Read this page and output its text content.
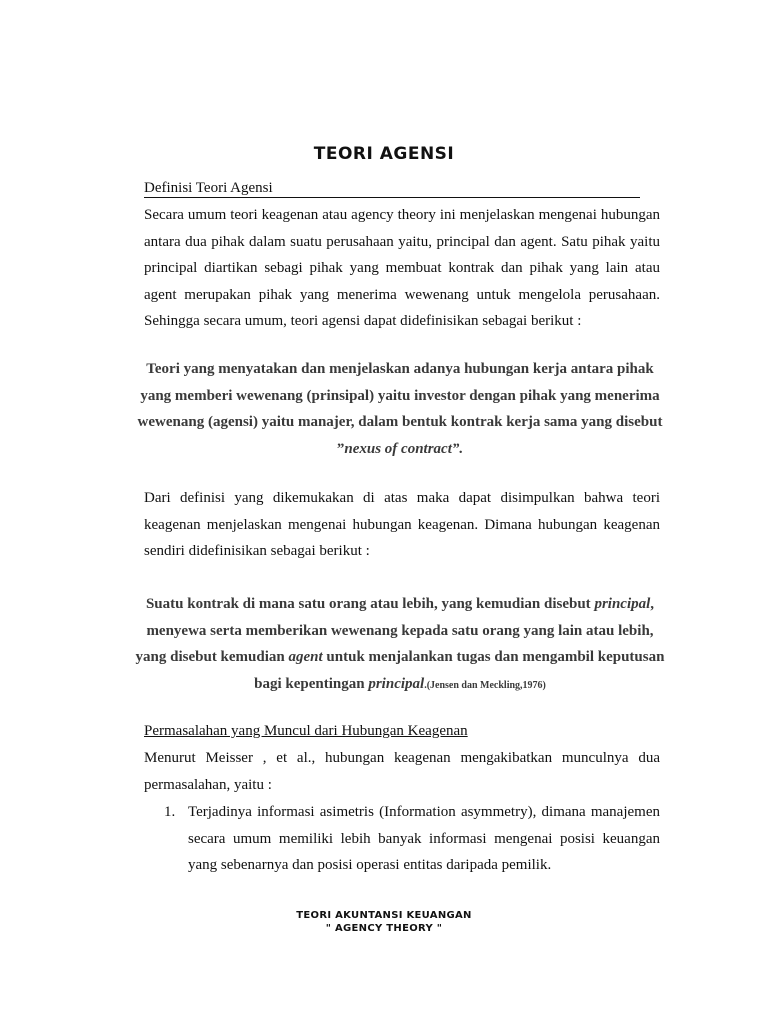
TEORI AGENSI
Definisi Teori Agensi

Secara umum teori keagenan atau agency theory ini menjelaskan mengenai hubungan antara dua pihak dalam suatu perusahaan yaitu, principal dan agent. Satu pihak yaitu principal diartikan sebagi pihak yang membuat kontrak dan pihak yang lain atau agent merupakan pihak yang menerima wewenang untuk mengelola perusahaan. Sehingga secara umum, teori agensi dapat didefinisikan sebagai berikut :

Teori yang menyatakan dan menjelaskan adanya hubungan kerja antara pihak yang memberi wewenang (prinsipal) yaitu investor dengan pihak yang menerima wewenang (agensi) yaitu manajer, dalam bentuk kontrak kerja sama yang disebut ”nexus of contract”.

Dari definisi yang dikemukakan di atas maka dapat disimpulkan bahwa teori keagenan menjelaskan mengenai hubungan keagenan. Dimana hubungan keagenan sendiri didefinisikan sebagai berikut :

Suatu kontrak di mana satu orang atau lebih, yang kemudian disebut principal, menyewa serta memberikan wewenang kepada satu orang yang lain atau lebih, yang disebut kemudian agent untuk menjalankan tugas dan mengambil keputusan bagi kepentingan principal.(Jensen dan Meckling,1976)

Permasalahan yang Muncul dari Hubungan Keagenan

Menurut Meisser , et al., hubungan keagenan mengakibatkan munculnya dua permasalahan, yaitu :

1. Terjadinya informasi asimetris (Information asymmetry), dimana manajemen secara umum memiliki lebih banyak informasi mengenai posisi keuangan yang sebenarnya dan posisi operasi entitas daripada pemilik.
TEORI AKUNTANSI KEUANGAN
" AGENCY THEORY "
